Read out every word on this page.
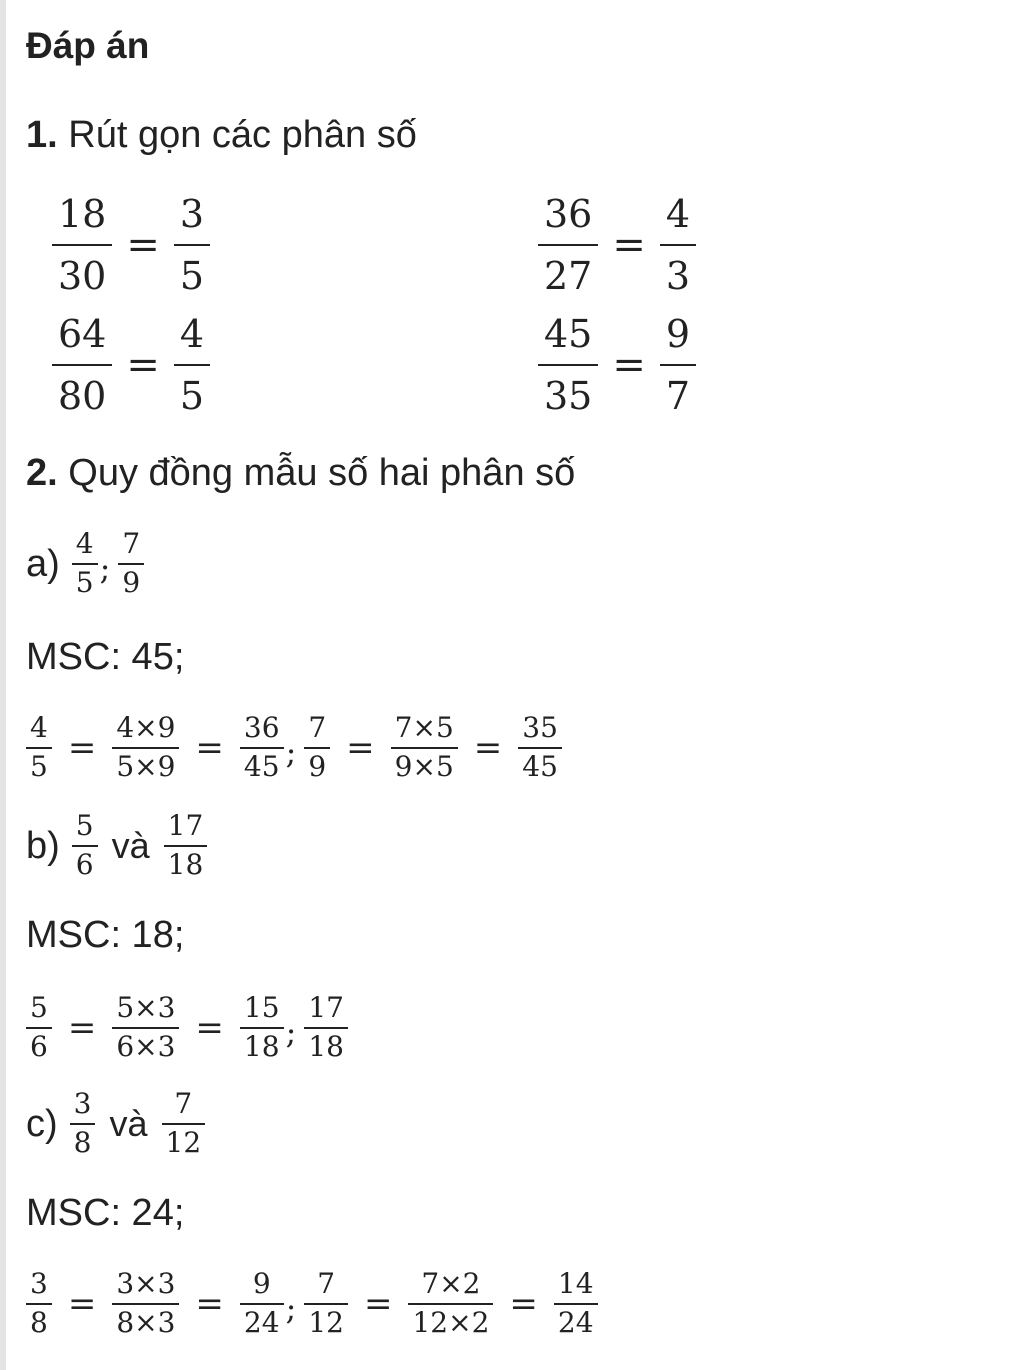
Đáp án
1. Rút gọn các phân số
$\frac{18}{30} = \frac{3}{5}$	$\frac{36}{27} = \frac{4}{3}$
$\frac{64}{80} = \frac{4}{5}$	$\frac{45}{35} = \frac{9}{7}$
2. Quy đồng mẫu số hai phân số
$a) \frac{4}{5}$ ; $\frac{7}{9}$
MSC: 45;
$\frac{4}{5} = \frac{4\times 9}{5\times 9} = \frac{36}{45}$ ; $\frac{7}{9} = \frac{7\times 5}{9\times 5} = \frac{35}{45}$
$b) \frac{5}{6}$ và $\frac{17}{18}$
MSC: 18;
$\frac{5}{6} = \frac{5\times 3}{6\times 3} = \frac{15}{18}$ ; $\frac{17}{18}$
$c) \frac{3}{8}$ và $\frac{7}{12}$
MSC: 24;
$\frac{3}{8} = \frac{3\times 3}{8\times 3} = \frac{9}{24}$ ; $\frac{7}{12} = \frac{7\times 2}{12\times 2} = \frac{14}{24}$
